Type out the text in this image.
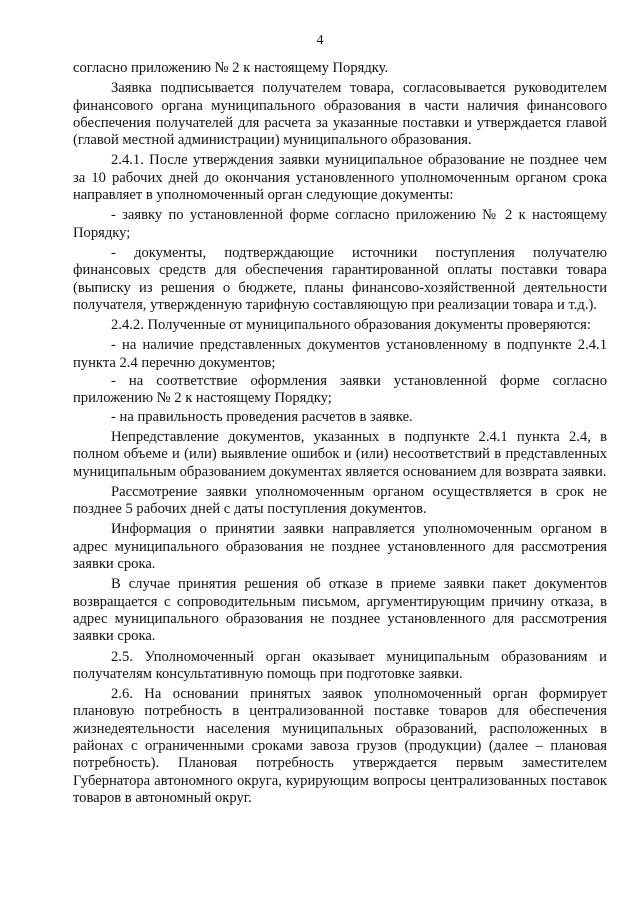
4

согласно приложению № 2 к настоящему Порядку.

Заявка подписывается получателем товара, согласовывается руководителем финансового органа муниципального образования в части наличия финансового обеспечения получателей для расчета за указанные поставки и утверждается главой (главой местной администрации) муниципального образования.

2.4.1. После утверждения заявки муниципальное образование не позднее чем за 10 рабочих дней до окончания установленного уполномоченным органом срока направляет в уполномоченный орган следующие документы:

- заявку по установленной форме согласно приложению № 2 к настоящему Порядку;

- документы, подтверждающие источники поступления получателю финансовых средств для обеспечения гарантированной оплаты поставки товара (выписку из решения о бюджете, планы финансово-хозяйственной деятельности получателя, утвержденную тарифную составляющую при реализации товара и т.д.).

2.4.2. Полученные от муниципального образования документы проверяются:

- на наличие представленных документов установленному в подпункте 2.4.1 пункта 2.4 перечню документов;

- на соответствие оформления заявки установленной форме согласно приложению № 2 к настоящему Порядку;

- на правильность проведения расчетов в заявке.

Непредставление документов, указанных в подпункте 2.4.1 пункта 2.4, в полном объеме и (или) выявление ошибок и (или) несоответствий в представленных муниципальным образованием документах является основанием для возврата заявки.

Рассмотрение заявки уполномоченным органом осуществляется в срок не позднее 5 рабочих дней с даты поступления документов.

Информация о принятии заявки направляется уполномоченным органом в адрес муниципального образования не позднее установленного для рассмотрения заявки срока.

В случае принятия решения об отказе в приеме заявки пакет документов возвращается с сопроводительным письмом, аргументирующим причину отказа, в адрес муниципального образования не позднее установленного для рассмотрения заявки срока.

2.5. Уполномоченный орган оказывает муниципальным образованиям и получателям консультативную помощь при подготовке заявки.

2.6. На основании принятых заявок уполномоченный орган формирует плановую потребность в централизованной поставке товаров для обеспечения жизнедеятельности населения муниципальных образований, расположенных в районах с ограниченными сроками завоза грузов (продукции) (далее – плановая потребность). Плановая потребность утверждается первым заместителем Губернатора автономного округа, курирующим вопросы централизованных поставок товаров в автономный округ.
